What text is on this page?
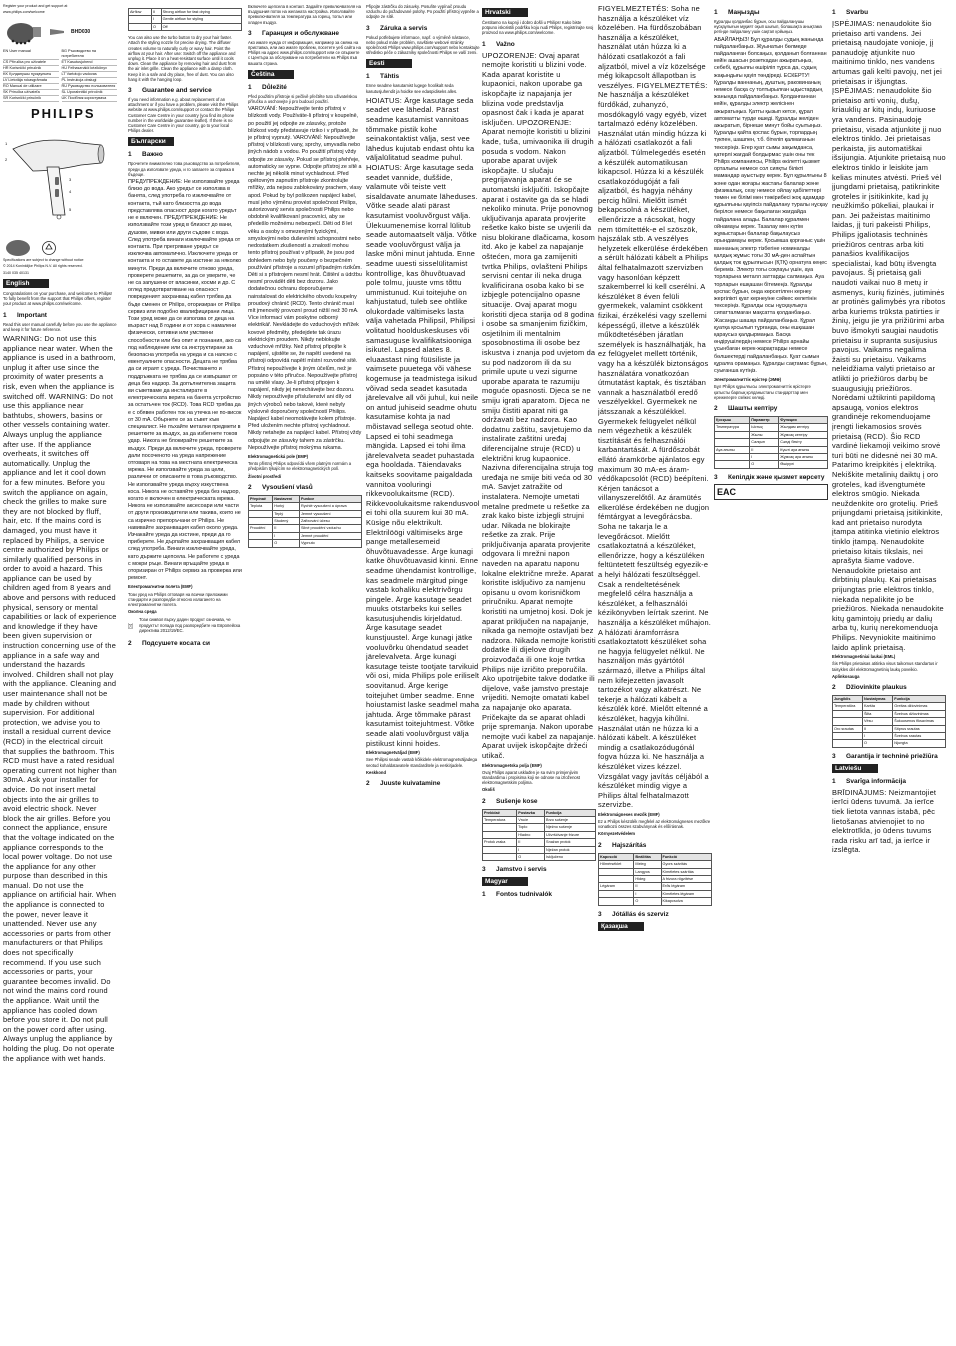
Register your product and get support at

www.philips.com/welcome

BHD030
EN User manual	BG Ръководство на потребителя
CS Příručka pro uživatele	ET Kasutusjuhend
HR Korisnički priručnik	HU Felhasználói kézikönyv
KK Қолданушы нұсқаулығы	LT Vartotojo vadovas
LV Lietotāja rokasgrāmata	PL Instrukcja obsługi
RO Manual de utilizare	RU Руководство пользователя
SK Príručka užívateľa	SL Uporabniški priročnik
SR Korisnički priručnik	UK Посібник користувача
PHILIPS
1
2
3
4
5

Specifications are subject to change without notice

© 2014 Koninklijke Philips N.V. All rights reserved.

3140 035 40131

English

Congratulations on your purchase, and welcome to Philips! To fully benefit from the support that Philips offers, register your product at www.philips.com/welcome.

1 Important

Read this user manual carefully before you use the appliance and keep it for future reference.

WARNING: Do not use this appliance near water. When the appliance is used in a bathroom, unplug it after use since the proximity of water presents a risk, even when the appliance is switched off. WARNING: Do not use this appliance near bathtubs, showers, basins or other vessels containing water. Always unplug the appliance after use. If the appliance overheats, it switches off automatically. Unplug the appliance and let it cool down for a few minutes. Before you switch the appliance on again, check the grilles to make sure they are not blocked by fluff, hair, etc. If the mains cord is damaged, you must have it replaced by Philips, a service centre authorized by Philips or similarly qualified persons in order to avoid a hazard. This appliance can be used by children aged from 8 years and above and persons with reduced physical, sensory or mental capabilities or lack of experience and knowledge if they have been given supervision or instruction concerning use of the appliance in a safe way and understand the hazards involved. Children shall not play with the appliance. Cleaning and user maintenance shall not be made by children without supervision. For additional protection, we advise you to install a residual current device (RCD) in the electrical circuit that supplies the bathroom. This RCD must have a rated residual operating current not higher than 30mA. Ask your installer for advice. Do not insert metal objects into the air grilles to avoid electric shock. Never block the air grilles. Before you connect the appliance, ensure that the voltage indicated on the appliance corresponds to the local power voltage. Do not use the appliance for any other purpose than described in this manual. Do not use the appliance on artificial hair. When the appliance is connected to the power, never leave it unattended. Never use any accessories or parts from other manufacturers or that Philips does not specifically recommend. If you use such accessories or parts, your guarantee becomes invalid. Do not wind the mains cord round the appliance. Wait until the appliance has cooled down before you store it. Do not pull on the power cord after using. Always unplug the appliance by holding the plug. Do not operate the appliance with wet hands.

Airflow	II	Strong airflow for fast drying
	I	Gentle airflow for styling
	O	Off

You can also use the turbo button to dry your hair faster. Attach the styling nozzle for precise drying. The diffuser creates volume to naturally curly or wavy hair. Point the airflow at your hair. After use: Switch off the appliance and unplug it. Place it on a heat-resistant surface until it cools down. Clean the appliance by removing hair and dust from the air inlet grille. Clean the appliance with a damp cloth. Keep it in a safe and dry place, free of dust. You can also hang it with the hanging loop.

3 Guarantee and service

If you need information e.g. about replacement of an attachment or if you have a problem, please visit the Philips website at www.philips.com/support or contact the Philips Customer Care Centre in your country (you find its phone number in the worldwide guarantee leaflet). If there is no Customer Care Centre in your country, go to your local Philips dealer.

Български
1 Важно

Прочетете внимателно това ръководство за потребителя, преди да използвате уреда, и го запазете за справка в бъдеще.

ПРЕДУПРЕЖДЕНИЕ: Не използвайте уреда близо до вода. Ако уредът се използва в банята, след употреба го изключвайте от контакта, тъй като близостта до вода представлява опасност дори когато уредът не е включен. ПРЕДУПРЕЖДЕНИЕ: Не използвайте този уред в близост до вани, душове, мивки или други съдове с вода. След употреба винаги изключвайте уреда от контакта. При прегряване уредът се изключва автоматично. Изключете уреда от контакта и го оставете да изстине за няколко минути. Преди да включите отново уреда, проверете решетките, за да се уверите, че не са запушени от власинки, косми и др. С оглед предотвратяване на опасност повреденият захранващ кабел трябва да бъде сменен от Philips, оторизиран от Philips сервиз или подобно квалифицирани лица. Този уред може да се използва от деца на възраст над 8 години и от хора с намалени физически, сетивни или умствени способности или без опит и познания, ако са под наблюдение или са инструктирани за безопасна употреба на уреда и са наясно с евентуалните опасности. Децата не трябва да си играят с уреда. Почистването и поддръжката не трябва да се извършват от деца без надзор. За допълнителна защита ви съветваме да инсталирате в електрическата верига на банята устройство за остатъчен ток (RCD). Това RCD трябва да е с обявен работен ток на утечка не по-висок от 30 mA. Обърнете се за съвет към специалист. Не пъхайте метални предмети в решетките за въздух, за да избегнете токов удар. Никога не блокирайте решетките за въздух. Преди да включите уреда, проверете дали посоченото на уреда напрежение отговаря на това на местната електрическа мрежа. Не използвайте уреда за цели, различни от описаните в това ръководство. Не използвайте уреда върху изкуствена коса. Никога не оставяйте уреда без надзор, когато е включен в електрическата мрежа. Никога не използвайте аксесоари или части от други производители или такива, които не са изрично препоръчани от Philips. Не навивайте захранващия кабел около уреда. Изчакайте уреда да изстине, преди да го приберете. Не дърпайте захранващия кабел след употреба. Винаги изключвайте уреда, като държите щепсела. Не работете с уреда с мокри ръце. Винаги връщайте уреда в оторизиран от Philips сервиз за проверка или ремонт.

Електромагнитни полета (EMF)

Този уред на Philips отговаря на всички приложими стандарти и разпоредби относно излагането на електромагнитни полета.

Околна среда

Този символ върху даден продукт означава, че продуктът попада под разпоредбите на Европейска директива 2012/19/ЕС.

2 Подсушете косата си

Включете щепсела в контакт. Задайте превключвателя на въздушния поток на желаната настройка. Използвайте превключвателя за температура за горещ, топъл или хладен въздух.

3 Гаранция и обслужване

Ако имате нужда от информация, например за смяна на приставка, или ако имате проблем, посетете уеб сайта на Philips на адрес www.philips.com/support или се свържете с Центъра за обслужване на потребители на Philips във вашата страна.

Čeština
1 Důležité

Před použitím přístroje si pečlivě přečtěte tuto uživatelskou příručku a uschovejte ji pro budoucí použití.

VAROVÁNÍ: Nepoužívejte tento přístroj v blízkosti vody. Používáte-li přístroj v koupelně, po použití jej odpojte ze zásuvky, protože blízkost vody představuje riziko i v případě, že je přístroj vypnutý. VAROVÁNÍ: Nepoužívejte přístroj v blízkosti vany, sprchy, umyvadla nebo jiných nádob s vodou. Po použití přístroj vždy odpojte ze zásuvky. Pokud se přístroj přehřeje, automaticky se vypne. Odpojte přístroj ze sítě a nechte jej několik minut vychladnout. Před opětovným zapnutím přístroje zkontrolujte mřížky, zda nejsou zablokovány prachem, vlasy apod. Pokud by byl poškozen napájecí kabel, musí jeho výměnu provést společnost Philips, autorizovaný servis společnosti Philips nebo obdobně kvalifikovaní pracovníci, aby se předešlo možnému nebezpečí. Děti od 8 let věku a osoby s omezenými fyzickými, smyslovými nebo duševními schopnostmi nebo nedostatkem zkušeností a znalostí mohou tento přístroj používat v případě, že jsou pod dohledem nebo byly poučeny o bezpečném používání přístroje a rozumí případným rizikům. Děti si s přístrojem nesmí hrát. Čištění a údržbu nesmí provádět děti bez dozoru. Jako dodatečnou ochranu doporučujeme nainstalovat do elektrického obvodu koupelny proudový chránič (RCD). Tento chránič musí mít jmenovitý provozní proud nižší než 30 mA. Více informací vám poskytne odborný elektrikář. Nevkládejte do vzduchových mřížek kovové předměty, předejdete tak úrazu elektrickým proudem. Nikdy neblokujte vzduchové mřížky. Než přístroj připojíte k napájení, ujistěte se, že napětí uvedené na přístroji odpovídá napětí místní rozvodné sítě. Přístroj nepoužívejte k jiným účelům, než je popsáno v této příručce. Nepoužívejte přístroj na umělé vlasy. Je-li přístroj připojen k napájení, nikdy jej nenechávejte bez dozoru. Nikdy nepoužívejte příslušenství ani díly od jiných výrobců nebo takové, které nebyly výslovně doporučeny společností Philips. Napájecí kabel neomotávejte kolem přístroje. Před uložením nechte přístroj vychladnout. Nikdy netahejte za napájecí kabel. Přístroj vždy odpojujte ze zásuvky tahem za zástrčku. Nepoužívejte přístroj mokrýma rukama.

Elektromagnetická pole (EMP)

Tento přístroj Philips odpovídá všem platným normám a předpisům týkajícím se elektromagnetických polí.

Životní prostředí

2 Vysoušení vlasů
Přepínač	Nastavení	Funkce
Teplota	Horký	Rychlé vysoušení a úprava
	Teplý	Jemné vysoušení
	Studený	Zafixování účesu
Proudění	II	Silné proudění vzduchu
	I	Jemné proudění
	O	Vypnuto

Připojte zástrčku do zásuvky. Posuňte vypínač proudu vzduchu do požadované polohy. Po použití přístroj vypněte a odpojte ze sítě.

3 Záruka a servis

Pokud potřebujete informace, např. o výměně nástavce, nebo pokud máte problém, navštivte webové stránky společnosti Philips www.philips.com/support nebo kontaktujte středisko péče o zákazníky společnosti Philips ve vaší zemi.

Eesti
1 Tähtis

Enne seadme kasutamist lugege hoolikalt seda kasutusjuhendit ja hoidke see edaspidiseks alles.

HOIATUS: Ärge kasutage seda seadet vee lähedal. Pärast seadme kasutamist vannitoas tõmmake pistik kohe seinakontaktist välja, sest vee lähedus kujutab endast ohtu ka väljalülitatud seadme puhul. HOIATUS: Ärge kasutage seda seadet vannide, duššide, valamute või teiste vett sisaldavate anumate läheduses. Võtke seade alati pärast kasutamist vooluvõrgust välja. Ülekuumenemise korral lülitub seade automaatselt välja. Võtke seade vooluvõrgust välja ja laske mõni minut jahtuda. Enne seadme uuesti sisselülitamist kontrollige, kas õhuvõtuavad pole tolmu, juuste vms tõttu ummistunud. Kui toitejuhe on kahjustatud, tuleb see ohtlike olukordade vältimiseks lasta välja vahetada Philipsil, Philipsi volitatud hoolduskeskuses või samasuguse kvalifikatsiooniga isikutel. Lapsed alates 8. eluaastast ning füüsiliste ja vaimsete puuetega või vähese kogemuse ja teadmistega isikud võivad seda seadet kasutada järelevalve all või juhul, kui neile on antud juhiseid seadme ohutu kasutamise kohta ja nad mõistavad sellega seotud ohte. Lapsed ei tohi seadmega mängida. Lapsed ei tohi ilma järelevalveta seadet puhastada ega hooldada. Täiendavaks kaitseks soovitame paigaldada vannitoa vooluringi rikkevoolukaitsme (RCD). Rikkevoolukaitsme rakendusvool ei tohi olla suurem kui 30 mA. Küsige nõu elektrikult. Elektrilöögi vältimiseks ärge pange metallesemeid õhuvõtuavadesse. Ärge kunagi katke õhuvõtuavasid kinni. Enne seadme ühendamist kontrollige, kas seadmele märgitud pinge vastab kohaliku elektrivõrgu pingele. Ärge kasutage seadet muuks otstarbeks kui selles kasutusjuhendis kirjeldatud. Ärge kasutage seadet kunstjuustel. Ärge kunagi jätke vooluvõrku ühendatud seadet järelevalveta. Ärge kunagi kasutage teiste tootjate tarvikuid või osi, mida Philips pole eriliselt soovitanud. Ärge kerige toitejuhet ümber seadme. Enne hoiustamist laske seadmel maha jahtuda. Ärge tõmmake pärast kasutamist toitejuhtmest. Võtke seade alati vooluvõrgust välja pistikust kinni hoides.

Elektromagnetväljad (EMF)

See Philipsi seade vastab kõikidele elektromagnetväljadega seotud kohaldatavatele standarditele ja eeskirjadele.

Keskkond

2 Juuste kuivatamine
Hrvatski

Čestitamo na kupnji i dobro došli u Philips! Kako biste potpuno iskoristili podršku koju nudi Philips, registrirajte svoj proizvod na www.philips.com/welcome.

1 Važno

UPOZORENJE: Ovaj aparat nemojte koristiti u blizini vode. Kada aparat koristite u kupaonici, nakon uporabe ga iskopčajte iz napajanja jer blizina vode predstavlja opasnost čak i kada je aparat isključen. UPOZORENJE: Aparat nemojte koristiti u blizini kade, tuša, umivaonika ili drugih posuda s vodom. Nakon uporabe aparat uvijek iskopčajte. U slučaju pregrijavanja aparat će se automatski isključiti. Iskopčajte aparat i ostavite ga da se hladi nekoliko minuta. Prije ponovnog uključivanja aparata provjerite rešetke kako biste se uvjerili da nisu blokirane dlačicama, kosom itd. Ako je kabel za napajanje oštećen, mora ga zamijeniti tvrtka Philips, ovlašteni Philips servisni centar ili neka druga kvalificirana osoba kako bi se izbjegle potencijalno opasne situacije. Ovaj aparat mogu koristiti djeca starija od 8 godina i osobe sa smanjenim fizičkim, osjetilnim ili mentalnim sposobnostima ili osobe bez iskustva i znanja pod uvjetom da su pod nadzorom ili da su primile upute u vezi sigurne uporabe aparata te razumiju moguće opasnosti. Djeca se ne smiju igrati aparatom. Djeca ne smiju čistiti aparat niti ga održavati bez nadzora. Kao dodatnu zaštitu, savjetujemo da instalirate zaštitni uređaj diferencijalne struje (RCD) u električni krug kupaonice. Nazivna diferencijalna struja tog uređaja ne smije biti veća od 30 mA. Savjet zatražite od instalatera. Nemojte umetati metalne predmete u rešetke za zrak kako biste izbjegli strujni udar. Nikada ne blokirajte rešetke za zrak. Prije priključivanja aparata provjerite odgovara li mrežni napon naveden na aparatu naponu lokalne električne mreže. Aparat koristite isključivo za namjenu opisanu u ovom korisničkom priručniku. Aparat nemojte koristiti na umjetnoj kosi. Dok je aparat priključen na napajanje, nikada ga nemojte ostavljati bez nadzora. Nikada nemojte koristiti dodatke ili dijelove drugih proizvođača ili one koje tvrtka Philips nije izričito preporučila. Ako upotrijebite takve dodatke ili dijelove, vaše jamstvo prestaje vrijediti. Nemojte omatati kabel za napajanje oko aparata. Pričekajte da se aparat ohladi prije spremanja. Nakon uporabe nemojte vući kabel za napajanje. Aparat uvijek iskopčajte držeći utikač.

Elektromagnetska polja (EMF)

Ovaj Philips aparat usklađen je sa svim primjenjivim standardima i propisima koji se odnose na izloženost elektromagnetskim poljima.

Okoliš

2 Sušenje kose
Prekidač	Postavka	Funkcija
Temperatura	Vruće	Brzo sušenje
	Toplo	Nježno sušenje
	Hladno	Učvršćivanje frizure
Protok zraka	II	Snažan protok
	I	Nježan protok
	O	Isključeno
3 Jamstvo i servis
Magyar
1 Fontos tudnivalók

FIGYELMEZTETÉS: Soha ne használja a készüléket víz közelében. Ha fürdőszobában használja a készüléket, használat után húzza ki a hálózati csatlakozót a fali aljzatból, mivel a víz közelsége még kikapcsolt állapotban is veszélyes. FIGYELMEZTETÉS: Ne használja a készüléket fürdőkád, zuhanyzó, mosdókagyló vagy egyéb, vizet tartalmazó edény közelében. Használat után mindig húzza ki a hálózati csatlakozót a fali aljzatból. Túlmelegedés esetén a készülék automatikusan kikapcsol. Húzza ki a készülék csatlakozódugóját a fali aljzatból, és hagyja néhány percig hűlni. Mielőtt ismét bekapcsolná a készüléket, ellenőrizze a rácsokat, hogy nem tömítették-e el szöszök, hajszálak stb. A veszélyes helyzetek elkerülése érdekében a sérült hálózati kábelt a Philips által felhatalmazott szervizben vagy hasonlóan képzett szakemberrel ki kell cserélni. A készüléket 8 éven felüli gyermekek, valamint csökkent fizikai, érzékelési vagy szellemi képességű, illetve a készülék működtetésében járatlan személyek is használhatják, ha ez felügyelet mellett történik, vagy ha a készülék biztonságos használatára vonatkozóan útmutatást kaptak, és tisztában vannak a használatból eredő veszélyekkel. Gyermekek ne játsszanak a készülékkel. Gyermekek felügyelet nélkül nem végezhetik a készülék tisztítását és felhasználói karbantartását. A fürdőszobát ellátó áramkörbe ajánlatos egy maximum 30 mA-es áram-védőkapcsolót (RCD) beépíteni. Kérjen tanácsot a villanyszerelőtől. Az áramütés elkerülése érdekében ne dugjon fémtárgyat a levegőrácsba. Soha ne takarja le a levegőrácsot. Mielőtt csatlakoztatná a készüléket, ellenőrizze, hogy a készüléken feltüntetett feszültség egyezik-e a helyi hálózati feszültséggel. Csak a rendeltetésének megfelelő célra használja a készüléket, a felhasználói kézikönyvben leírtak szerint. Ne használja a készüléket műhajon. A hálózati áramforrásra csatlakoztatott készüléket soha ne hagyja felügyelet nélkül. Ne használjon más gyártótól származó, illetve a Philips által nem kifejezetten javasolt tartozékot vagy alkatrészt. Ne tekerje a hálózati kábelt a készülék köré. Mielőtt eltenné a készüléket, hagyja kihűlni. Használat után ne húzza ki a hálózati kábelt. A készüléket mindig a csatlakozódugónál fogva húzza ki. Ne használja a készüléket vizes kézzel. Vizsgálat vagy javítás céljából a készüléket mindig vigye a Philips által felhatalmazott szervizbe.

Elektromágneses mezők (EMF)

Ez a Philips készülék megfelel az elektromágneses mezőkre vonatkozó összes szabványnak és előírásnak.

Környezetvédelem

2 Hajszárítás
Kapcsoló	Beállítás	Funkció
Hőmérséklet	Meleg	Gyors szárítás
	Langyos	Kíméletes szárítás
	Hideg	A frizura rögzítése
Légáram	II	Erős légáram
	I	Kíméletes légáram
	O	Kikapcsolva
3 Jótállás és szerviz
Қазақша
1 Маңызды

Құралды қолданбас бұрын, осы пайдаланушы нұсқаулығын мұқият оқып шығып, болашақта анықтама ретінде пайдалану үшін сақтап қойыңыз.

АБАЙЛАҢЫЗ! Бұл құралды судың жанында пайдаланбаңыз. Жуынатын бөлмеде пайдаланған болсаңыз, қолданып болғаннан кейін ашасын розеткадан ажыратыңыз, себебі, құрылғы өшіріліп тұрса да, судың жақындығы қауіп төндіреді. ЕСКЕРТУ! Құралды ваннаның, душтың, раковинаның немесе басқа су толтырылған ыдыстардың жанында пайдаланбаңыз. Қолданғаннан кейін, құралды электр желісінен ажыратыңыз. Қатты қызып кетсе, құрал автоматты түрде өшеді. Құралды желіден ажыратып, бірнеше минут бойы суытыңыз. Құралды қайта қоспас бұрын, торлардың түкпен, шашпен, т.б. бітеліп қалмағанын тексеріңіз. Егер қуат сымы зақымданса, қатерлі жағдай болдырмас үшін оны тек Philips компаниясы, Philips өкілетті қызмет орталығы немесе сол сияқты білікті мамандар ауыстыру керек. Бұл құрылғыны 8 және одан жоғары жастағы балалар және физикалық, сезу немесе ойлау қабілеттері төмен не білімі мен тәжірибесі жоқ адамдар құрылғыны қауіпсіз пайдалану туралы нұсқау берілсе немесе бақылаған жағдайда пайдалана алады. Балалар құралмен ойнамауы керек. Тазалау мен күтім жұмыстарын балалар бақылаусыз орындамауы керек. Қосымша қорғаныс үшін ваннаның электр тізбегіне номиналды қалдық жұмыс тогы 30 мА-ден аспайтын қалдық ток құрылғысын (ҚТҚ) орнатуға кеңес береміз. Электр тогы соқпауы үшін, ауа торларына металл заттарды салмаңыз. Ауа торларын ешқашан бітемеңіз. Құралды қоспас бұрын, онда көрсетілген кернеу жергілікті қуат кернеуіне сәйкес келетінін тексеріңіз. Құралды осы нұсқаулықта сипатталмаған мақсатта қолданбаңыз. Жасанды шашқа пайдаланбаңыз. Құрал қуатқа қосылып тұрғанда, оны ешқашан қараусыз қалдырмаңыз. Басқа өндірушілердің немесе Philips арнайы ұсынбаған керек-жарақтарды немесе бөлшектерді пайдаланбаңыз. Қуат сымын құралға орамаңыз. Құралды сақтамас бұрын, суығанша күтіңіз.

Электромагниттік өрістер (ЭМӨ)

Бұл Philips құрылғысы электромагниттік өрістерге қатысты барлық қолданыстағы стандарттар мен ережелерге сәйкес келеді.

2 Шашты кептіру
Қосқыш	Параметр	Функция
Температура	Ыстық	Жылдам кептіру
	Жылы	Жұмсақ кептіру
	Салқын	Сәнді бекіту
Ауа ағыны	II	Күшті ауа ағыны
	I	Жұмсақ ауа ағыны
	O	Өшірулі
3 Кепілдік және қызмет көрсету
EAC
1 Svarbu

ĮSPĖJIMAS: nenaudokite šio prietaiso arti vandens. Jei prietaisą naudojate vonioje, jį panaudoję atjunkite nuo maitinimo tinklo, nes vandens artumas gali kelti pavojų, net jei prietaisas ir išjungtas. ĮSPĖJIMAS: nenaudokite šio prietaiso arti vonių, dušų, kriauklių ar kitų indų, kuriuose yra vandens. Pasinaudoję prietaisu, visada atjunkite jį nuo elektros tinklo. Jei prietaisas perkaista, jis automatiškai išsijungia. Atjunkite prietaisą nuo elektros tinklo ir leiskite jam kelias minutes atvėsti. Prieš vėl įjungdami prietaisą, patikrinkite groteles ir įsitikinkite, kad jų neužkimšo pūkeliai, plaukai ir pan. Jei pažeistas maitinimo laidas, jį turi pakeisti Philips, Philips įgaliotasis techninės priežiūros centras arba kiti panašios kvalifikacijos specialistai, kad būtų išvengta pavojaus. Šį prietaisą gali naudoti vaikai nuo 8 metų ir asmenys, kurių fizinės, jutiminės ar protinės galimybės yra ribotos arba kuriems trūksta patirties ir žinių, jeigu jie yra prižiūrimi arba buvo išmokyti saugiai naudotis prietaisu ir supranta susijusius pavojus. Vaikams negalima žaisti su prietaisu. Vaikams neleidžiama valyti prietaiso ar atlikti jo priežiūros darbų be suaugusiųjų priežiūros. Norėdami užtikrinti papildomą apsaugą, vonios elektros grandinėje rekomenduojame įrengti liekamosios srovės prietaisą (RCD). Šio RCD vardinė liekamoji veikimo srovė turi būti ne didesnė nei 30 mA. Patarimo kreipkitės į elektriką. Nekiškite metalinių daiktų į oro groteles, kad išvengtumėte elektros smūgio. Niekada neuždenkite oro grotelių. Prieš prijungdami prietaisą įsitikinkite, kad ant prietaiso nurodyta įtampa atitinka vietinio elektros tinklo įtampą. Nenaudokite prietaiso kitais tikslais, nei aprašyta šiame vadove. Nenaudokite prietaiso ant dirbtinių plaukų. Kai prietaisas prijungtas prie elektros tinklo, niekada nepalikite jo be priežiūros. Niekada nenaudokite kitų gamintojų priedų ar dalių arba tų, kurių nerekomenduoja Philips. Nevyniokite maitinimo laido aplink prietaisą.

Elektromagnetiniai laukai (EML)

Šis Philips prietaisas atitinka visus taikomus standartus ir taisykles dėl elektromagnetinių laukų poveikio.

Aplinkosauga

2 Džiovinkite plaukus
Jungiklis	Nustatymas	Funkcija
Temperatūra	Karšta	Greitas džiovinimas
	Šilta	Švelnus džiovinimas
	Vėsu	Šukuosenos fiksavimas
Oro srautas	II	Stiprus srautas
	I	Švelnus srautas
	O	Išjungta
3 Garantija ir techninė priežiūra
Latviešu
1 Svarīga informācija

BRĪDINĀJUMS: Neizmantojiet ierīci ūdens tuvumā. Ja ierīce tiek lietota vannas istabā, pēc lietošanas atvienojiet to no elektrotīkla, jo ūdens tuvums rada risku arī tad, ja ierīce ir izslēgta.
